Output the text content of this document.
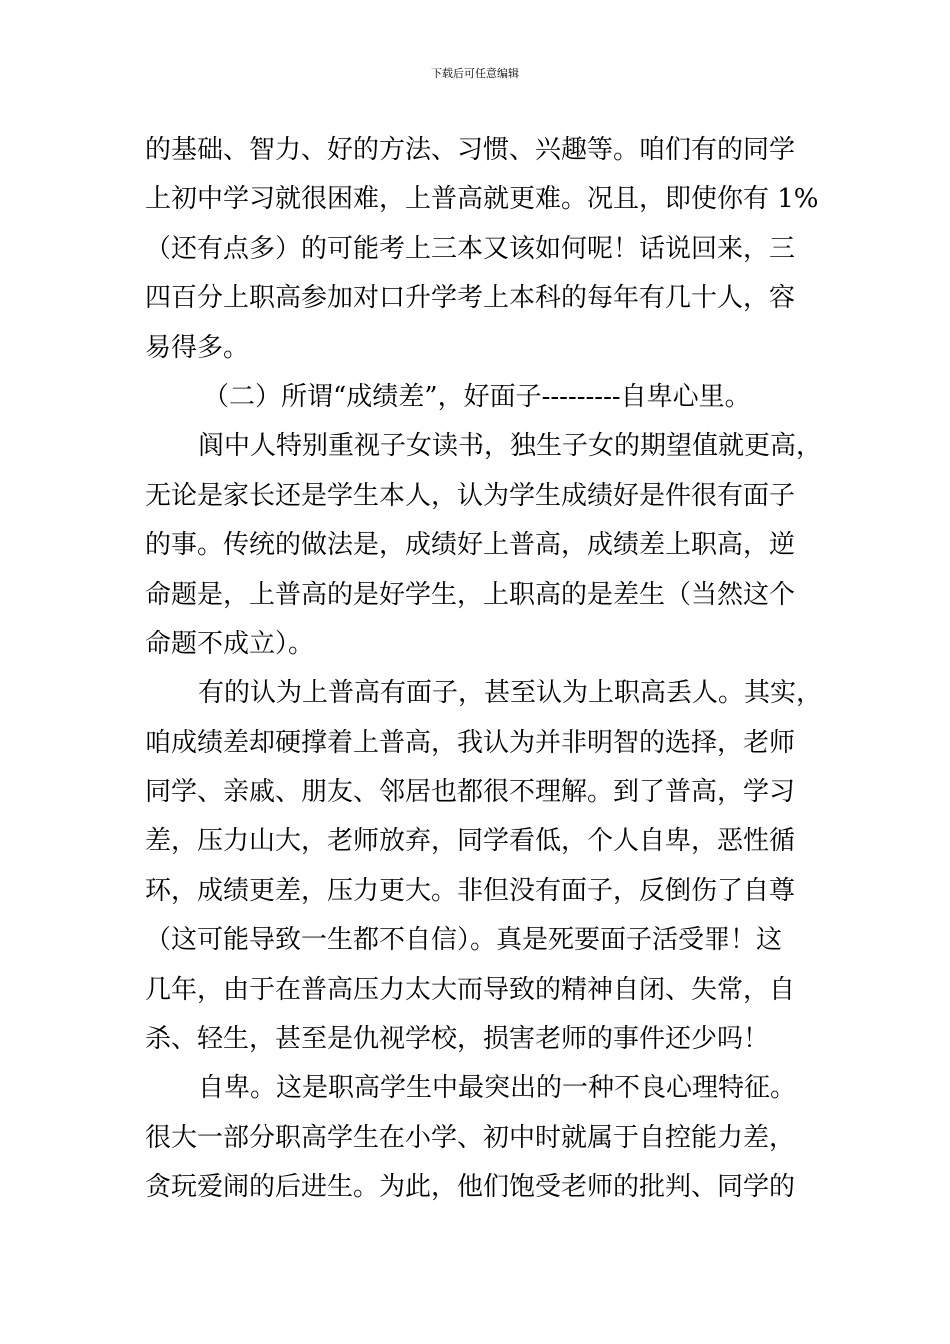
下载后可任意编辑
的基础、智力、好的方法、习惯、兴趣等。咱们有的同学
上初中学习就很困难，上普高就更难。况且，即使你有 1%
（还有点多）的可能考上三本又该如何呢！话说回来，三
四百分上职高参加对口升学考上本科的每年有几十人，容
易得多。
（二）所谓“成绩差”，好面子---------自卑心里。
阆中人特别重视子女读书，独生子女的期望值就更高，
无论是家长还是学生本人，认为学生成绩好是件很有面子
的事。传统的做法是，成绩好上普高，成绩差上职高，逆
命题是，上普高的是好学生，上职高的是差生（当然这个
命题不成立）。
有的认为上普高有面子，甚至认为上职高丢人。其实，
咱成绩差却硬撑着上普高，我认为并非明智的选择，老师
同学、亲戚、朋友、邻居也都很不理解。到了普高，学习
差，压力山大，老师放弃，同学看低，个人自卑，恶性循
环，成绩更差，压力更大。非但没有面子，反倒伤了自尊
（这可能导致一生都不自信）。真是死要面子活受罪！这
几年，由于在普高压力太大而导致的精神自闭、失常，自
杀、轻生，甚至是仇视学校，损害老师的事件还少吗！
自卑。这是职高学生中最突出的一种不良心理特征。
很大一部分职高学生在小学、初中时就属于自控能力差，
贪玩爱闹的后进生。为此，他们饱受老师的批判、同学的
